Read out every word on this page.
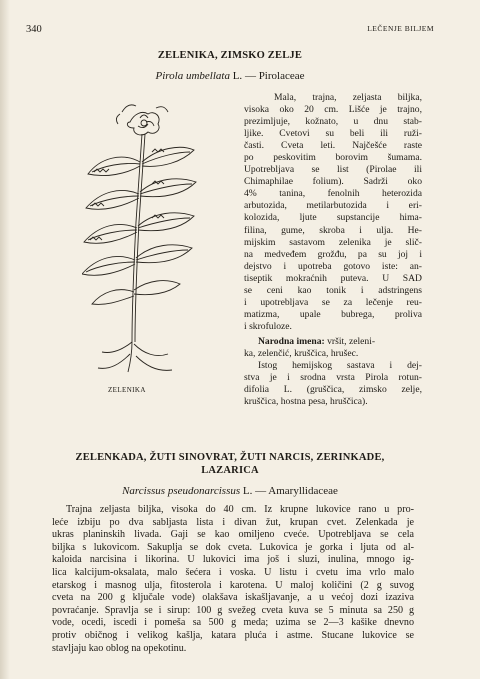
340	LEČENJE BILJEM
ZELENIKA, ZIMSKO ZELJE
Pirola umbellata L. — Pirolaceae
ZELENIKA
Mala, trajna, zeljasta biljka,
visoka oko 20 cm. Lišće je trajno,
prezimljuje, kožnato, u dnu stab-
ljike. Cvetovi su beli ili ruži-
časti. Cveta leti. Najčešće raste
po peskovitim borovim šumama.
Upotrebljava se list (Pirolae ili
Chimaphilae folium). Sadrži oko
4% tanina, fenolnih heterozida
arbutozida, metilarbutozida i eri-
kolozida, ljute supstancije hima-
filina, gume, skroba i ulja. He-
mijskim sastavom zelenika je slič-
na medveđem grožđu, pa su joj i
dejstvo i upotreba gotovo iste: an-
tiseptik mokraćnih puteva. U SAD
se ceni kao tonik i adstringens
i upotrebljava se za lečenje reu-
matizma, upale bubrega, proliva
i skrofuloze.
Narodna imena: vršit, zeleni-
ka, zelenčić, kruščica, hrušec.
Istog hemijskog sastava i dej-
stva je i srodna vrsta Pirola rotun-
difolia L. (gruščica, zimsko zelje,
kruščica, hostna pesa, hruščica).
ZELENKADA, ŽUTI SINOVRAT, ŽUTI NARCIS, ZERINKADE,
LAZARICA
Narcissus pseudonarcissus L. — Amaryllidaceae
Trajna zeljasta biljka, visoka do 40 cm. Iz krupne lukovice rano u pro-
leće izbiju po dva sabljasta lista i divan žut, krupan cvet. Zelenkada je
ukras planinskih livada. Gaji se kao omiljeno cveće. Upotrebljava se cela
biljka s lukovicom. Sakuplja se dok cveta. Lukovica je gorka i ljuta od al-
kaloida narcisina i likorina. U lukovici ima još i sluzi, inulina, mnogo ig-
lica kalcijum-oksalata, malo šećera i voska. U listu i cvetu ima vrlo malo
etarskog i masnog ulja, fitosterola i karotena. U maloj količini (2 g suvog
cveta na 200 g ključale vode) olakšava iskašljavanje, a u većoj dozi izaziva
povraćanje. Spravlja se i sirup: 100 g svežeg cveta kuva se 5 minuta sa 250 g
vode, ocedi, iscedi i pomeša sa 500 g meda; uzima se 2—3 kašike dnevno
protiv običnog i velikog kašlja, katara pluća i astme. Stucane lukovice se
stavljaju kao oblog na opekotinu.
